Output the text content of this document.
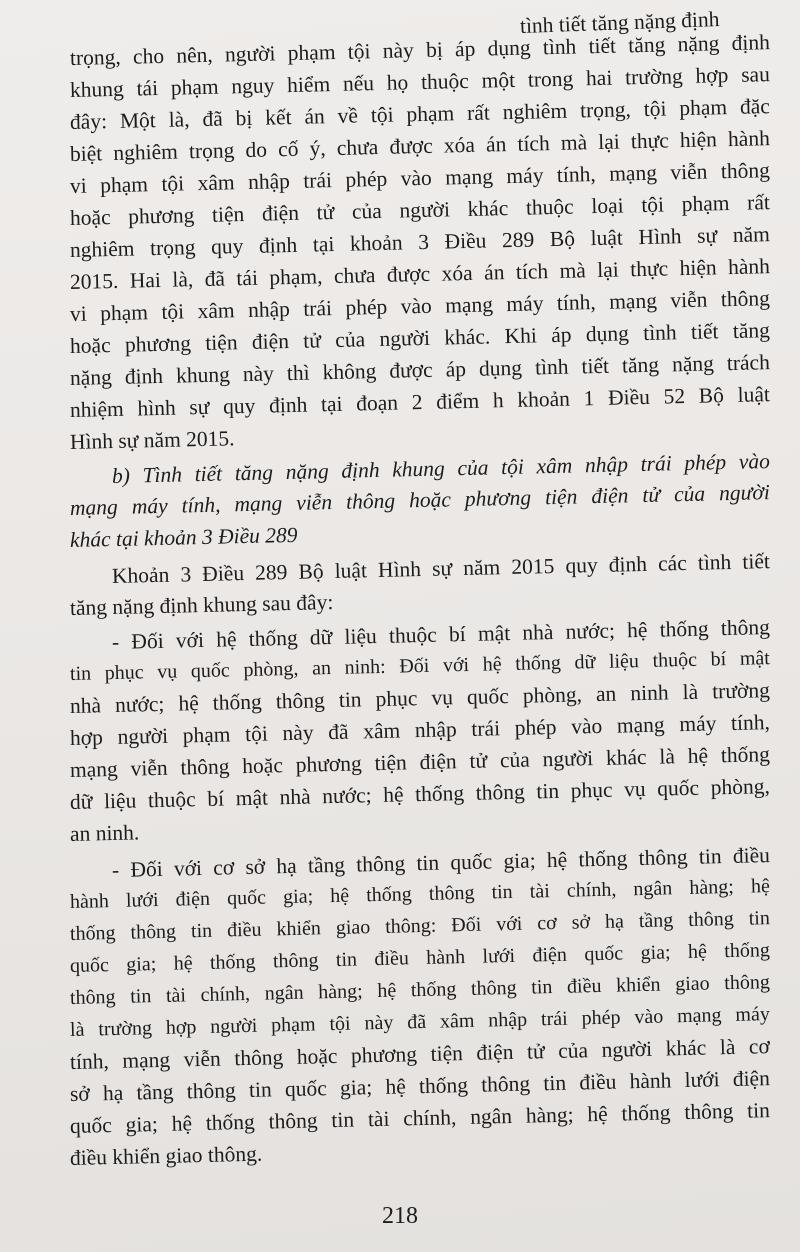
tình tiết tăng nặng định
trọng, cho nên, người phạm tội này bị áp dụng tình tiết tăng nặng định
khung tái phạm nguy hiểm nếu họ thuộc một trong hai trường hợp sau
đây: Một là, đã bị kết án về tội phạm rất nghiêm trọng, tội phạm đặc
biệt nghiêm trọng do cố ý, chưa được xóa án tích mà lại thực hiện hành
vi phạm tội xâm nhập trái phép vào mạng máy tính, mạng viễn thông
hoặc phương tiện điện tử của người khác thuộc loại tội phạm rất
nghiêm trọng quy định tại khoản 3 Điều 289 Bộ luật Hình sự năm
2015. Hai là, đã tái phạm, chưa được xóa án tích mà lại thực hiện hành
vi phạm tội xâm nhập trái phép vào mạng máy tính, mạng viễn thông
hoặc phương tiện điện tử của người khác. Khi áp dụng tình tiết tăng
nặng định khung này thì không được áp dụng tình tiết tăng nặng trách
nhiệm hình sự quy định tại đoạn 2 điểm h khoản 1 Điều 52 Bộ luật
Hình sự năm 2015.
b) Tình tiết tăng nặng định khung của tội xâm nhập trái phép vào
mạng máy tính, mạng viễn thông hoặc phương tiện điện tử của người
khác tại khoản 3 Điều 289
Khoản 3 Điều 289 Bộ luật Hình sự năm 2015 quy định các tình tiết
tăng nặng định khung sau đây:
- Đối với hệ thống dữ liệu thuộc bí mật nhà nước; hệ thống thông
tin phục vụ quốc phòng, an ninh: Đối với hệ thống dữ liệu thuộc bí mật
nhà nước; hệ thống thông tin phục vụ quốc phòng, an ninh là trường
hợp người phạm tội này đã xâm nhập trái phép vào mạng máy tính,
mạng viễn thông hoặc phương tiện điện tử của người khác là hệ thống
dữ liệu thuộc bí mật nhà nước; hệ thống thông tin phục vụ quốc phòng,
an ninh.
- Đối với cơ sở hạ tầng thông tin quốc gia; hệ thống thông tin điều
hành lưới điện quốc gia; hệ thống thông tin tài chính, ngân hàng; hệ
thống thông tin điều khiển giao thông: Đối với cơ sở hạ tầng thông tin
quốc gia; hệ thống thông tin điều hành lưới điện quốc gia; hệ thống
thông tin tài chính, ngân hàng; hệ thống thông tin điều khiển giao thông
là trường hợp người phạm tội này đã xâm nhập trái phép vào mạng máy
tính, mạng viễn thông hoặc phương tiện điện tử của người khác là cơ
sở hạ tầng thông tin quốc gia; hệ thống thông tin điều hành lưới điện
quốc gia; hệ thống thông tin tài chính, ngân hàng; hệ thống thông tin
điều khiển giao thông.
218
